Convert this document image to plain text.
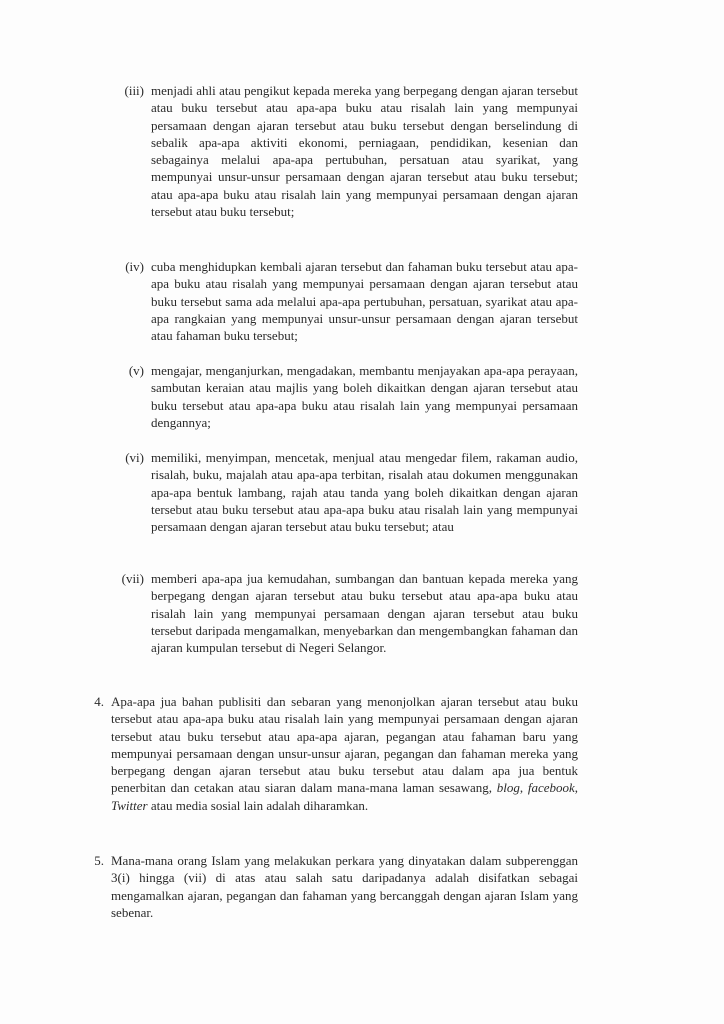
(iii) menjadi ahli atau pengikut kepada mereka yang berpegang dengan ajaran tersebut atau buku tersebut atau apa-apa buku atau risalah lain yang mempunyai persamaan dengan ajaran tersebut atau buku tersebut dengan berselindung di sebalik apa-apa aktiviti ekonomi, perniagaan, pendidikan, kesenian dan sebagainya melalui apa-apa pertubuhan, persatuan atau syarikat, yang mempunyai unsur-unsur persamaan dengan ajaran tersebut atau buku tersebut; atau apa-apa buku atau risalah lain yang mempunyai persamaan dengan ajaran tersebut atau buku tersebut;
(iv) cuba menghidupkan kembali ajaran tersebut dan fahaman buku tersebut atau apa-apa buku atau risalah yang mempunyai persamaan dengan ajaran tersebut atau buku tersebut sama ada melalui apa-apa pertubuhan, persatuan, syarikat atau apa-apa rangkaian yang mempunyai unsur-unsur persamaan dengan ajaran tersebut atau fahaman buku tersebut;
(v) mengajar, menganjurkan, mengadakan, membantu menjayakan apa-apa perayaan, sambutan keraian atau majlis yang boleh dikaitkan dengan ajaran tersebut atau buku tersebut atau apa-apa buku atau risalah lain yang mempunyai persamaan dengannya;
(vi) memiliki, menyimpan, mencetak, menjual atau mengedar filem, rakaman audio, risalah, buku, majalah atau apa-apa terbitan, risalah atau dokumen menggunakan apa-apa bentuk lambang, rajah atau tanda yang boleh dikaitkan dengan ajaran tersebut atau buku tersebut atau apa-apa buku atau risalah lain yang mempunyai persamaan dengan ajaran tersebut atau buku tersebut; atau
(vii) memberi apa-apa jua kemudahan, sumbangan dan bantuan kepada mereka yang berpegang dengan ajaran tersebut atau buku tersebut atau apa-apa buku atau risalah lain yang mempunyai persamaan dengan ajaran tersebut atau buku tersebut daripada mengamalkan, menyebarkan dan mengembangkan fahaman dan ajaran kumpulan tersebut di Negeri Selangor.
4. Apa-apa jua bahan publisiti dan sebaran yang menonjolkan ajaran tersebut atau buku tersebut atau apa-apa buku atau risalah lain yang mempunyai persamaan dengan ajaran tersebut atau buku tersebut atau apa-apa ajaran, pegangan atau fahaman baru yang mempunyai persamaan dengan unsur-unsur ajaran, pegangan dan fahaman mereka yang berpegang dengan ajaran tersebut atau buku tersebut atau dalam apa jua bentuk penerbitan dan cetakan atau siaran dalam mana-mana laman sesawang, blog, facebook, Twitter atau media sosial lain adalah diharamkan.
5. Mana-mana orang Islam yang melakukan perkara yang dinyatakan dalam subperenggan 3(i) hingga (vii) di atas atau salah satu daripadanya adalah disifatkan sebagai mengamalkan ajaran, pegangan dan fahaman yang bercanggah dengan ajaran Islam yang sebenar.
